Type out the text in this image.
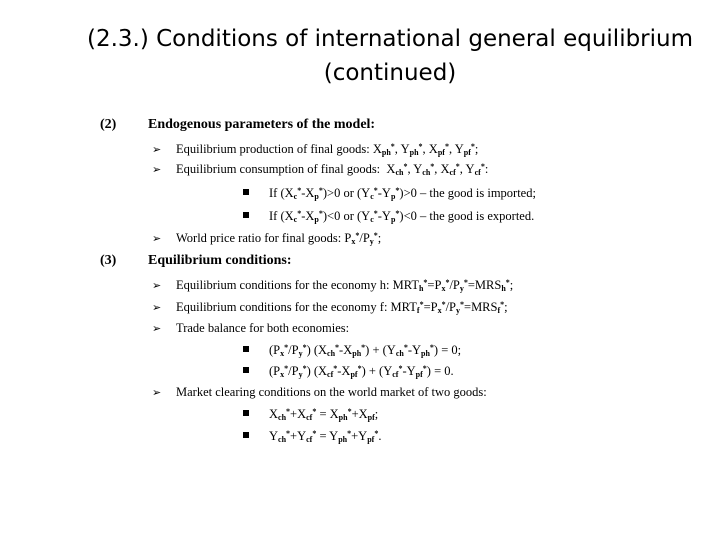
(2.3.) Conditions of international general equilibrium (continued)
(2) Endogenous parameters of the model:
➢ Equilibrium production of final goods: $X_{ph}^*$, $Y_{ph}^*$, $X_{pf}^*$, $Y_{pf}^*$;
➢ Equilibrium consumption of final goods:  $X_{ch}^*$, $Y_{ch}^*$, $X_{cf}^*$, $Y_{cf}^*$:
If $(X_c^*-X_p^*)>0$ or $(Y_c^*-Y_p^*)>0$ – the good is imported;
If $(X_c^*-X_p^*)<0$ or $(Y_c^*-Y_p^*)<0$ – the good is exported.
➢ World price ratio for final goods: $P_x^*/P_y^*$;
(3) Equilibrium conditions:
➢ Equilibrium conditions for the economy h: $MRT_h^*=P_x^*/P_y^*=MRS_h^*$;
➢ Equilibrium conditions for the economy f: $MRT_f^*=P_x^*/P_y^*=MRS_f^*$;
➢ Trade balance for both economies:
$(P_x^*/P_y^*) (X_{ch}^*-X_{ph}^*) + (Y_{ch}^*-Y_{ph}^*) = 0$;
$(P_x^*/P_y^*) (X_{cf}^*-X_{pf}^*) + (Y_{cf}^*-Y_{pf}^*) = 0$.
➢ Market clearing conditions on the world market of two goods:
$X_{ch}^*+X_{cf}^* = X_{ph}^*+X_{pf}$;
$Y_{ch}^*+Y_{cf}^* = Y_{ph}^*+Y_{pf}^*$.
